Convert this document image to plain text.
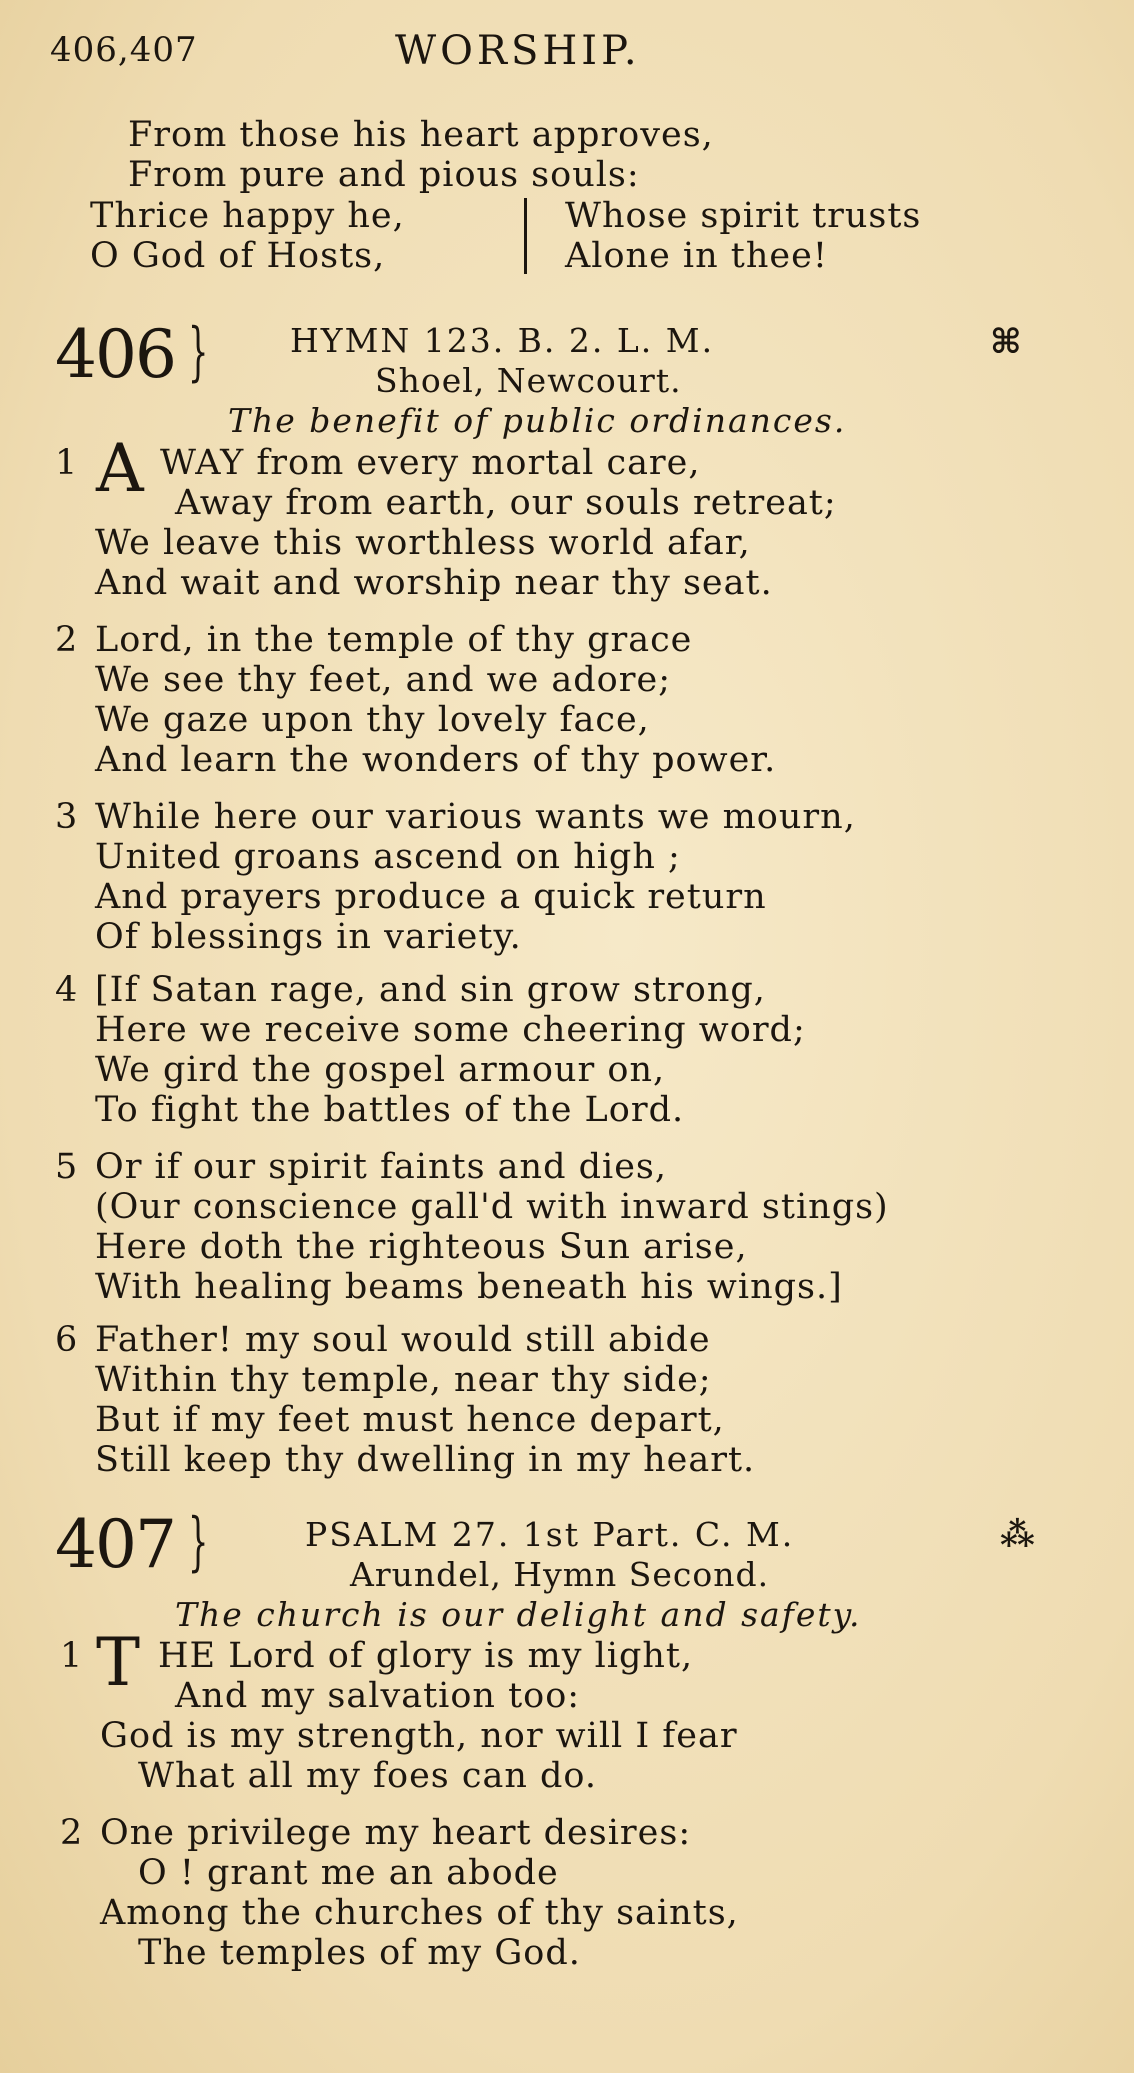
406,407	WORSHIP.
From those his heart approves,
From pure and pious souls:
Thrice happy he,
O God of Hosts,
Whose spirit trusts
Alone in thee!
406 } HYMN 123. B. 2. L. M.	⌘
Shoel, Newcourt.
The benefit of public ordinances.
1 A WAY from every mortal care,
Away from earth, our souls retreat;
We leave this worthless world afar,
And wait and worship near thy seat.
2 Lord, in the temple of thy grace
We see thy feet, and we adore;
We gaze upon thy lovely face,
And learn the wonders of thy power.
3 While here our various wants we mourn,
United groans ascend on high ;
And prayers produce a quick return
Of blessings in variety.
4 [If Satan rage, and sin grow strong,
Here we receive some cheering word;
We gird the gospel armour on,
To fight the battles of the Lord.
5 Or if our spirit faints and dies,
(Our conscience gall'd with inward stings)
Here doth the righteous Sun arise,
With healing beams beneath his wings.]
6 Father! my soul would still abide
Within thy temple, near thy side;
But if my feet must hence depart,
Still keep thy dwelling in my heart.
407 }	PSALM 27. 1st Part. C. M.	⁂
Arundel, Hymn Second.
The church is our delight and safety.
1 T HE Lord of glory is my light,
And my salvation too:
God is my strength, nor will I fear
What all my foes can do.
2 One privilege my heart desires:
O ! grant me an abode
Among the churches of thy saints,
The temples of my God.
